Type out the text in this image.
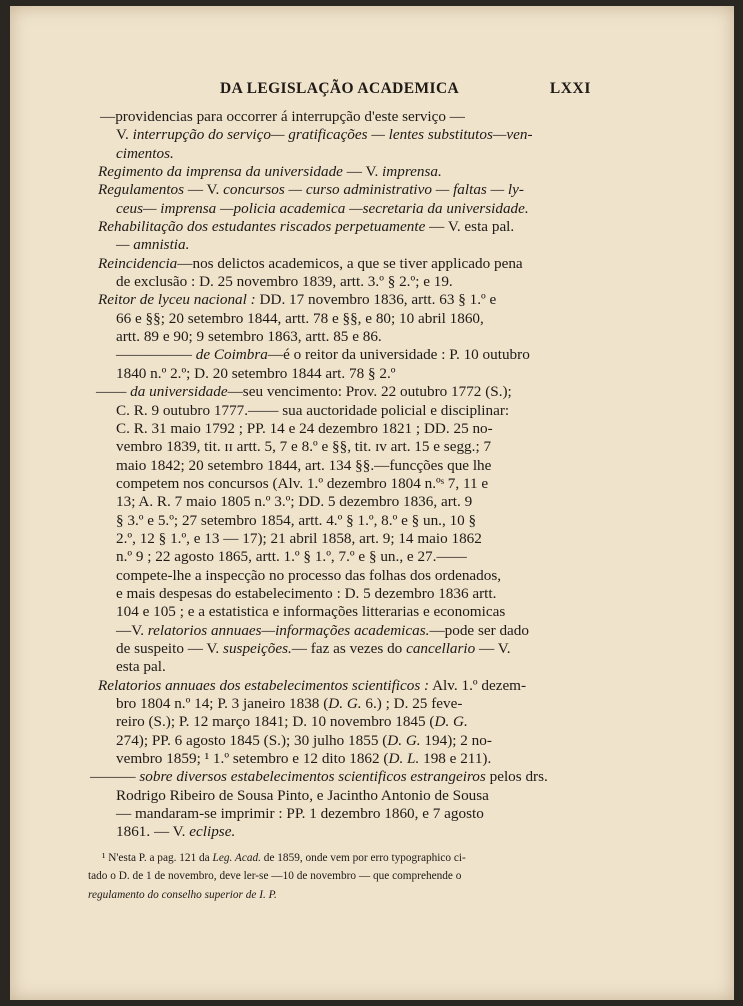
DA LEGISLAÇÃO ACADEMICA	LXXI
—providencias para occorrer á interrupção d'este serviço —
V. interrupção do serviço— gratificações — lentes substitutos—ven-
cimentos.
Regimento da imprensa da universidade — V. imprensa.
Regulamentos — V. concursos — curso administrativo — faltas — ly-
ceus— imprensa —policia academica —secretaria da universidade.
Rehabilitação dos estudantes riscados perpetuamente — V. esta pal.
— amnistia.
Reincidencia—nos delictos academicos, a que se tiver applicado pena
de exclusão : D. 25 novembro 1839, artt. 3.º § 2.º; e 19.
Reitor de lyceu nacional : DD. 17 novembro 1836, artt. 63 § 1.º e
66 e §§; 20 setembro 1844, artt. 78 e §§, e 80; 10 abril 1860,
artt. 89 e 90; 9 setembro 1863, artt. 85 e 86.
————— de Coimbra—é o reitor da universidade : P. 10 outubro
1840 n.º 2.º; D. 20 setembro 1844 art. 78 § 2.º
—— da universidade—seu vencimento: Prov. 22 outubro 1772 (S.);
C. R. 9 outubro 1777.—— sua auctoridade policial e disciplinar:
C. R. 31 maio 1792 ; PP. 14 e 24 dezembro 1821 ; DD. 25 no-
vembro 1839, tit. ɪɪ artt. 5, 7 e 8.º e §§, tit. ɪᴠ art. 15 e segg.; 7
maio 1842; 20 setembro 1844, art. 134 §§.—funcções que lhe
competem nos concursos (Alv. 1.º dezembro 1804 n.ºˢ 7, 11 e
13; A. R. 7 maio 1805 n.º 3.º; DD. 5 dezembro 1836, art. 9
§ 3.º e 5.º; 27 setembro 1854, artt. 4.º § 1.º, 8.º e § un., 10 §
2.º, 12 § 1.º, e 13 — 17); 21 abril 1858, art. 9; 14 maio 1862
n.º 9 ; 22 agosto 1865, artt. 1.º § 1.º, 7.º e § un., e 27.——
compete-lhe a inspecção no processo das folhas dos ordenados,
e mais despesas do estabelecimento : D. 5 dezembro 1836 artt.
104 e 105 ; e a estatistica e informações litterarias e economicas
—V. relatorios annuaes—informações academicas.—pode ser dado
de suspeito — V. suspeições.— faz as vezes do cancellario — V.
esta pal.
Relatorios annuaes dos estabelecimentos scientificos : Alv. 1.º dezem-
bro 1804 n.º 14; P. 3 janeiro 1838 (D. G. 6.) ; D. 25 feve-
reiro (S.); P. 12 março 1841; D. 10 novembro 1845 (D. G.
274); PP. 6 agosto 1845 (S.); 30 julho 1855 (D. G. 194); 2 no-
vembro 1859; ¹ 1.º setembro e 12 dito 1862 (D. L. 198 e 211).
——— sobre diversos estabelecimentos scientificos estrangeiros pelos drs.
Rodrigo Ribeiro de Sousa Pinto, e Jacintho Antonio de Sousa
— mandaram-se imprimir : PP. 1 dezembro 1860, e 7 agosto
1861. — V. eclipse.
¹ N'esta P. a pag. 121 da Leg. Acad. de 1859, onde vem por erro typographico ci-
tado o D. de 1 de novembro, deve ler-se —10 de novembro — que comprehende o
regulamento do conselho superior de I. P.
